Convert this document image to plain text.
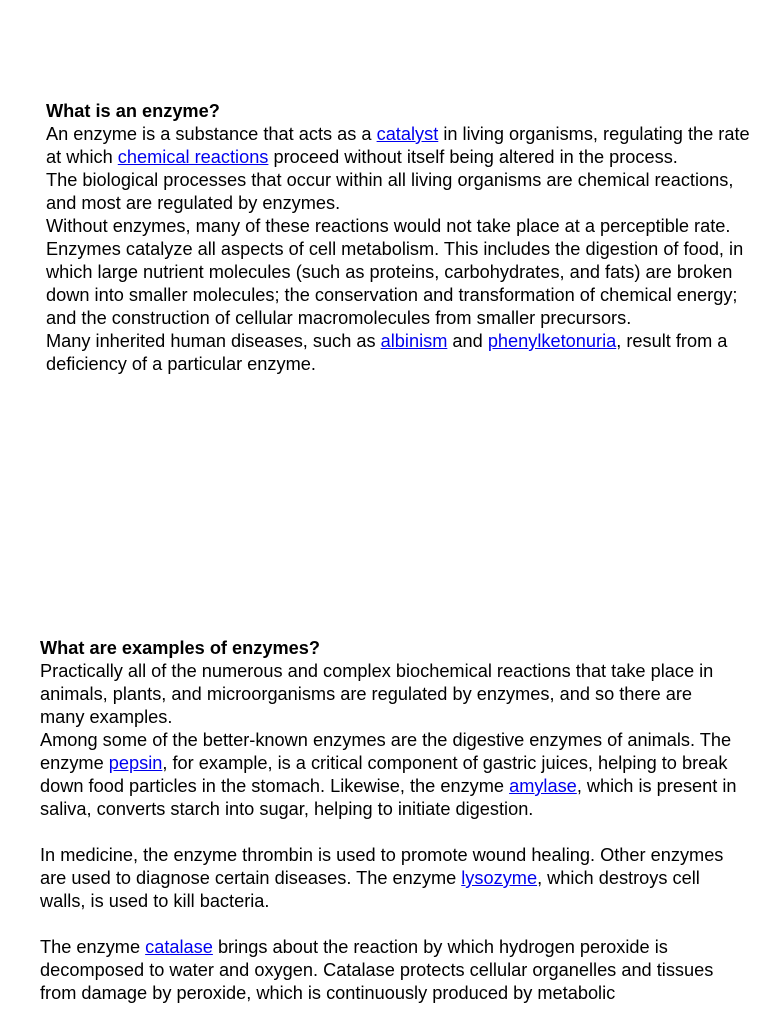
What is an enzyme?

An enzyme is a substance that acts as a catalyst in living organisms, regulating the rate at which chemical reactions proceed without itself being altered in the process.

The biological processes that occur within all living organisms are chemical reactions, and most are regulated by enzymes.

Without enzymes, many of these reactions would not take place at a perceptible rate.

Enzymes catalyze all aspects of cell metabolism. This includes the digestion of food, in which large nutrient molecules (such as proteins, carbohydrates, and fats) are broken down into smaller molecules; the conservation and transformation of chemical energy; and the construction of cellular macromolecules from smaller precursors.

Many inherited human diseases, such as albinism and phenylketonuria, result from a deficiency of a particular enzyme.

What are examples of enzymes?

Practically all of the numerous and complex biochemical reactions that take place in animals, plants, and microorganisms are regulated by enzymes, and so there are many examples.

Among some of the better-known enzymes are the digestive enzymes of animals. The enzyme pepsin, for example, is a critical component of gastric juices, helping to break down food particles in the stomach. Likewise, the enzyme amylase, which is present in saliva, converts starch into sugar, helping to initiate digestion.

In medicine, the enzyme thrombin is used to promote wound healing. Other enzymes are used to diagnose certain diseases. The enzyme lysozyme, which destroys cell walls, is used to kill bacteria.

The enzyme catalase brings about the reaction by which hydrogen peroxide is decomposed to water and oxygen. Catalase protects cellular organelles and tissues from damage by peroxide, which is continuously produced by metabolic
